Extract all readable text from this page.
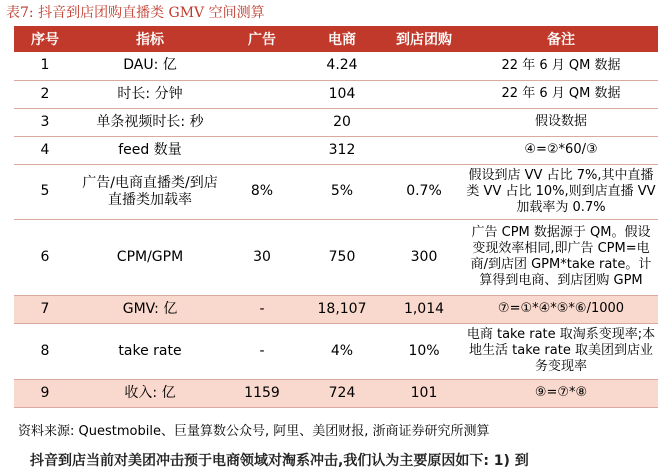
表7: 抖音到店团购直播类 GMV 空间测算
序号	指标	广告	电商	到店团购	备注
1	DAU: 亿		4.24		22 年 6 月 QM 数据
2	时长: 分钟		104		22 年 6 月 QM 数据
3	单条视频时长: 秒		20		假设数据
4	feed 数量		312		④=②*60/③
5	广告/电商直播类/到店直播类加载率	8%	5%	0.7%	假设到店 VV 占比 7%,其中直播类 VV 占比 10%,则到店直播 VV 加载率为 0.7%
6	CPM/GPM	30	750	300	广告 CPM 数据源于 QM。假设变现效率相同,即广告 CPM=电商/到店团 GPM*take rate。计算得到电商、到店团购 GPM
7	GMV: 亿	-	18,107	1,014	⑦=①*④*⑤*⑥/1000
8	take rate	-	4%	10%	电商 take rate 取淘系变现率;本地生活 take rate 取美团到店业务变现率
9	收入: 亿	1159	724	101	⑨=⑦*⑧
资料来源: Questmobile、巨量算数公众号, 阿里、美团财报, 浙商证券研究所测算
抖音到店当前对美团冲击预于电商领域对淘系冲击,我们认为主要原因如下: 1) 到
